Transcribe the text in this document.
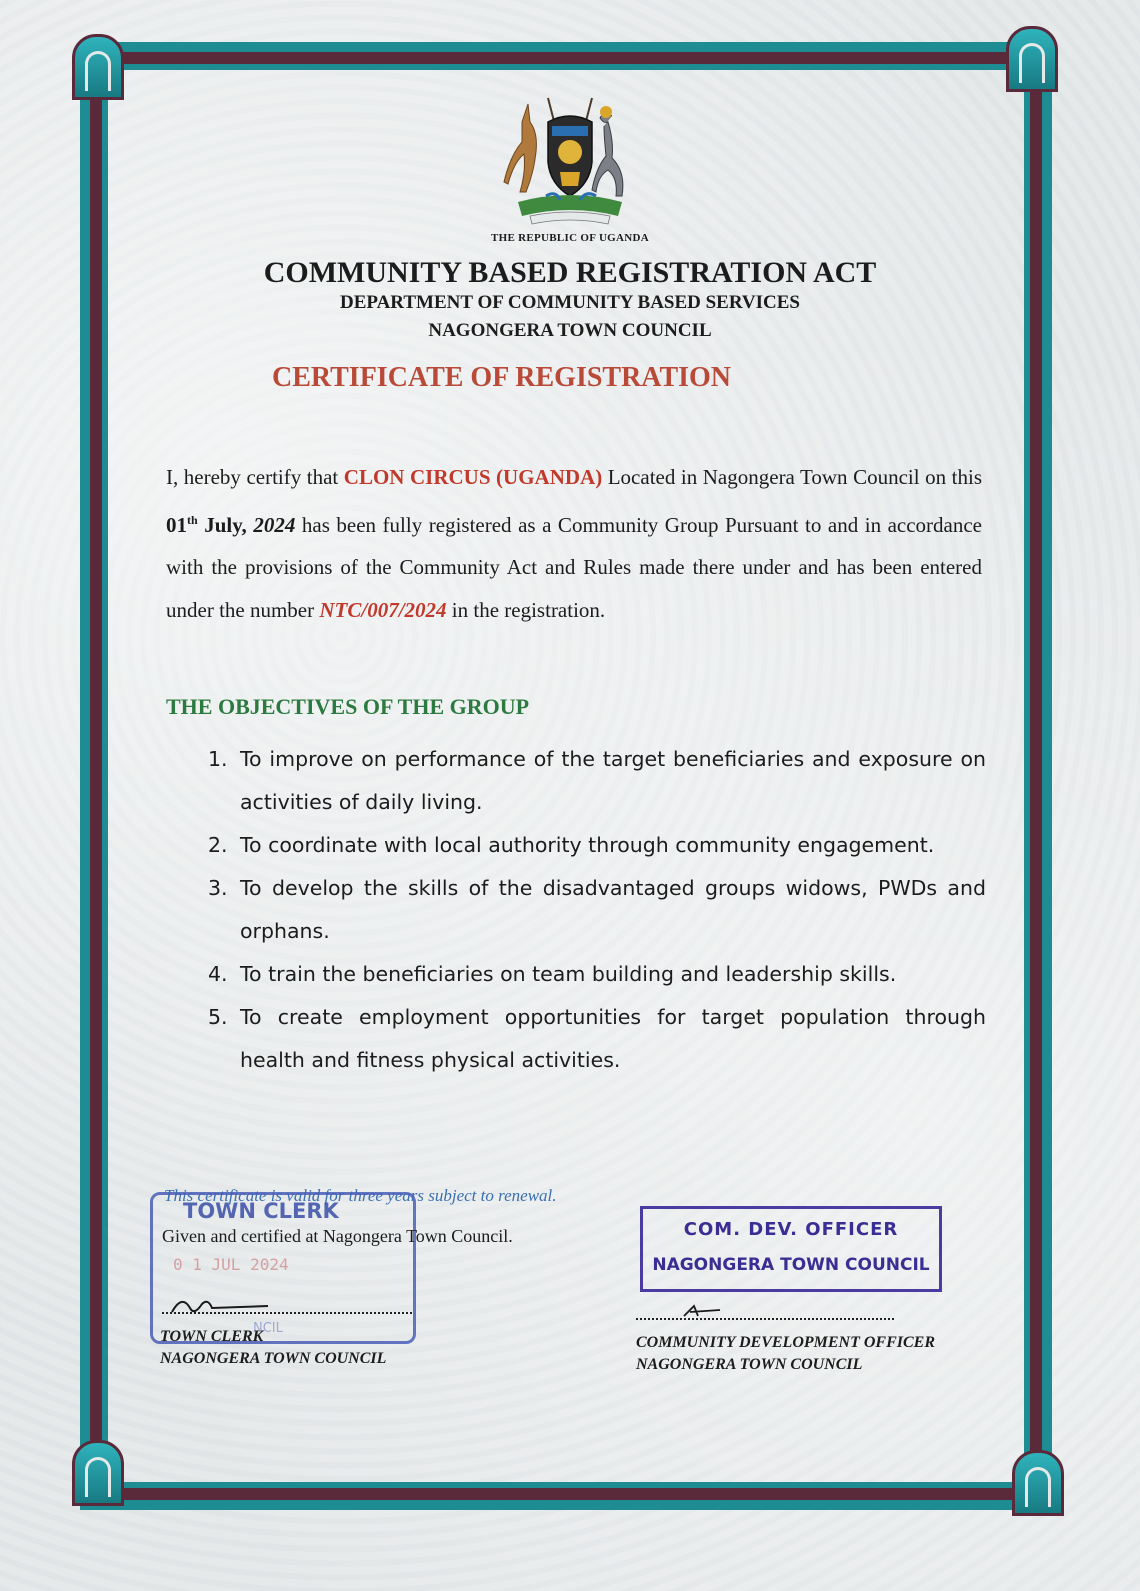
THE REPUBLIC OF UGANDA
COMMUNITY BASED REGISTRATION ACT
DEPARTMENT OF COMMUNITY BASED SERVICES
NAGONGERA TOWN COUNCIL
CERTIFICATE OF REGISTRATION
I, hereby certify that CLON CIRCUS (UGANDA) Located in Nagongera Town Council on this 01th July, 2024 has been fully registered as a Community Group Pursuant to and in accordance with the provisions of the Community Act and Rules made there under and has been entered under the number NTC/007/2024 in the registration.
THE OBJECTIVES OF THE GROUP
1. To improve on performance of the target beneficiaries and exposure on activities of daily living.
2. To coordinate with local authority through community engagement.
3. To develop the skills of the disadvantaged groups widows, PWDs and orphans.
4. To train the beneficiaries on team building and leadership skills.
5. To create employment opportunities for target population through health and fitness physical activities.
This certificate is valid for three years subject to renewal.
TOWN CLERK
0 1 JUL 2024
NCIL
Given and certified at Nagongera Town Council.	COM. DEV. OFFICER
NAGONGERA TOWN COUNCIL
TOWN CLERK
NAGONGERA TOWN COUNCIL
COMMUNITY DEVELOPMENT OFFICER
NAGONGERA TOWN COUNCIL
